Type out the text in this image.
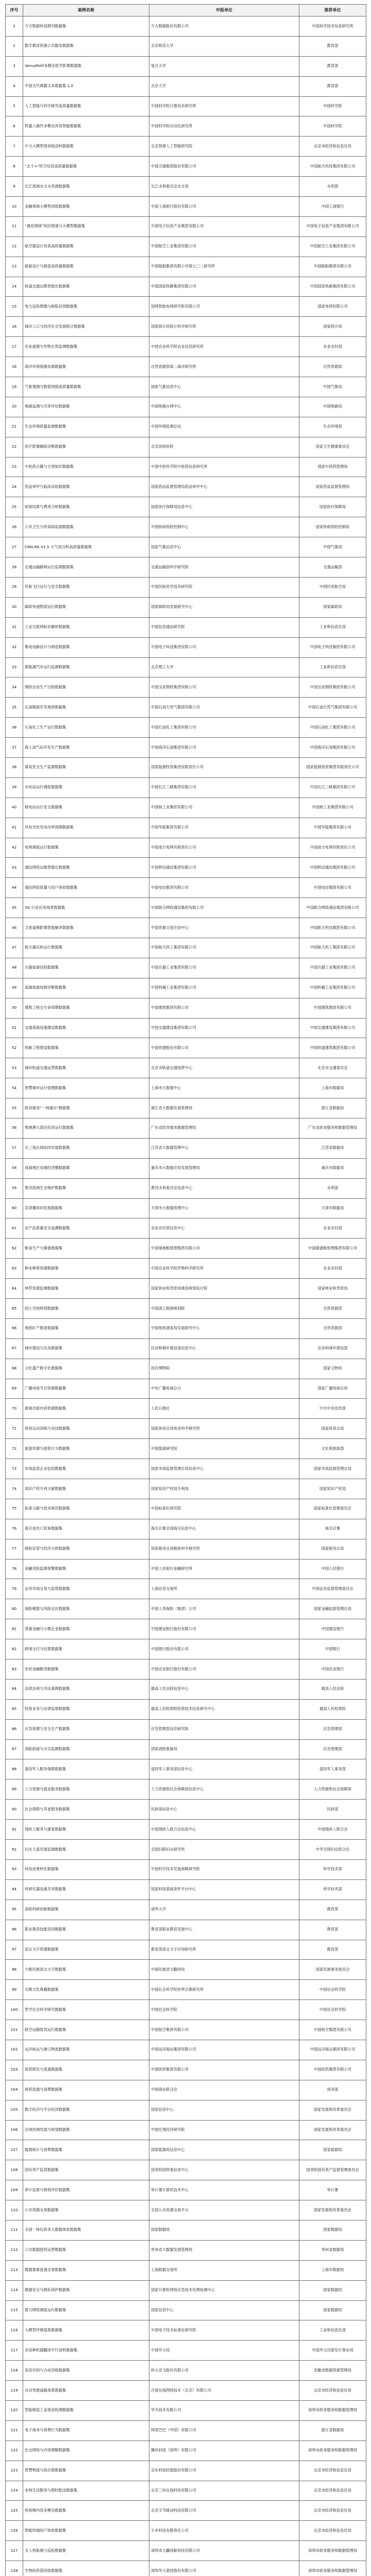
序号	案例名称	申报单位	推荐单位
1	万方数据科技期刊数据集	万方数据股份有限公司	中国科学技术信息研究所
2	数字教育资源公共服务数据集	北京师范大学	教育部
3	VenusPolif多模态医学影像数据集	复旦大学	教育部
4	中国古代典籍文本数据集 1.0	北京大学	教育部
5	人工智能与科学研究高质量数据集	中国科学院计算技术研究所	中国科学院
6	机器人操作多模态具身智能数据集	中国科学院自动化研究所	中国科学院
7	中文大模型预训练语料数据集	北京智源人工智能研究院	北京市经济和信息化局
8	“北斗+”时空信息高质量数据集	中国卫通集团股份有限公司	中国航天科技集团有限公司
9	长江流域水文水资源数据集	长江水利委员会水文局	水利部
10	金融领域大模型训练数据集	中国工商银行股份有限公司	中国工商银行
11	“通用领域”知识图谱与大模型数据集	中国电子信息产业集团有限公司	中国电子信息产业集团有限公司
12	航空器设计仿真高质量数据集	中国航空工业集团有限公司	中国航空工业集团有限公司
13	船舶设计与制造高质量数据集	中国船舶集团有限公司第七〇二研究所	中国船舶集团有限公司
14	轨道交通运维智能化数据集	中国国家铁路集团有限公司	中国国家铁路集团有限公司
15	电力巡检图像与缺陷识别数据集	国网智能电网研究院有限公司	国家电网有限公司
16	城市人口与经济社会发展统计数据集	国家统计局统计科学研究所	国家统计局
17	农业遥感与作物长势监测数据集	中国农业科学院农业信息研究所	农业农村部
18	海洋环境观测多源数据集	自然资源部第二海洋研究所	自然资源部
19	气象观测与数值预报高质量数据集	国家气象信息中心	中国气象局
20	地震监测与灾害评估数据集	中国地震台网中心	中国地震局
21	生态环境质量监测数据集	中国环境监测总站	生态环境部
22	医疗影像辅助诊断数据集	北京协和医院	国家卫生健康委员会
23	中医药古籍与方剂知识数据集	中国中医科学院中医药信息研究所	国家中医药管理局
24	药品审评与临床试验数据集	国家药品监督管理局药品审评中心	国家药品监督管理局
25	医保结算与费用分析数据集	国家医疗保障局信息中心	国家医疗保障局
26	公共卫生与传染病监测数据集	中国疾病预防控制中心	国家疾病预防控制局
27	CMA-RA V1.5 大气再分析高质量数据集	国家气象信息中心	中国气象局
28	交通运输路网运行监测数据集	交通运输部科学研究院	交通运输部
29	民航飞行运行与安全数据集	中国民航科学技术研究院	中国民用航空局
30	邮政快递物流运行数据集	国家邮政局发展研究中心	国家邮政局
31	工业互联网标识解析数据集	中国信息通信研究院	工业和信息化部
32	集成电路设计与制造数据集	中国电子科技集团有限公司	中国电子科技集团有限公司
33	新能源汽车运行监测数据集	北京理工大学	工业和信息化部
34	钢铁冶金生产过程数据集	中国宝武钢铁集团有限公司	中国宝武钢铁集团有限公司
35	石油勘探开发地质数据集	中国石油天然气集团有限公司	中国石油天然气集团有限公司
36	石油化工生产运行数据集	中国石油化工集团有限公司	中国石油化工集团有限公司
37	海上油气田开发生产数据集	中国海洋石油集团有限公司	中国海洋石油集团有限公司
38	煤炭安全生产监测数据集	国家能源投资集团有限责任公司	国家能源投资集团有限责任公司
39	水电站运行调度数据集	中国长江三峡集团有限公司	中国长江三峡集团有限公司
40	核电站运行安全数据集	中国核工业集团有限公司	中国核工业集团有限公司
41	风电光伏发电功率预测数据集	中国华能集团有限公司	中国华能集团有限公司
42	电网调度运行数据集	中国南方电网有限责任公司	中国南方电网有限责任公司
43	通信网络运维智能化数据集	中国移动通信集团有限公司	中国移动通信集团有限公司
44	通信网络质量与用户体验数据集	中国电信集团有限公司	中国电信集团有限公司
45	5G 行业应用场景数据集	中国联合网络通信集团有限公司	中国联合网络通信集团有限公司
46	卫星遥感影像智能解译数据集	中国资源卫星应用中心	中国航天科技集团有限公司
47	航天器在轨运行数据集	中国航天科工集团有限公司	中国航天科工集团有限公司
48	兵器装备试验数据集	中国兵器工业集团有限公司	中国兵器工业集团有限公司
49	高端装备故障诊断数据集	中国机械工业集团有限公司	中国机械工业集团有限公司
50	建筑工程全生命周期数据集	中国建筑集团有限公司	中国建筑集团有限公司
51	交通基础设施建设数据集	中国交通建设集团有限公司	中国交通建设集团有限公司
52	铁路工程建设数据集	中国铁建股份有限公司	中国铁道建筑集团有限公司
53	城市轨道交通运营数据集	北京市轨道交通指挥中心	北京市交通委员会
54	智慧城市运行管理数据集	上海市大数据中心	上海市数据局
55	政务服务“一网通办”数据集	浙江省大数据发展管理局	浙江省数据局
56	粤港澳大湾区经济运行数据集	广东省政务服务数据管理局	广东省政务服务和数据管理局
57	长三角区域协同发展数据集	江苏省大数据管理中心	江苏省数据局
58	成渝地区双城经济圈数据集	重庆市大数据应用发展管理局	重庆市数据局
59	黄河流域生态保护数据集	黄河水利委员会信息中心	水利部
60	京津冀协同发展数据集	天津市大数据管理中心	天津市数据局
61	农产品质量安全追溯数据集	农业农村部信息中心	农业农村部
62	粮食生产与储备数据集	中国储备粮管理集团有限公司	中国储备粮管理集团有限公司
63	种业种质资源数据集	中国农业科学院作物科学研究所	农业农村部
64	林草资源监测数据集	国家林业和草原局调查规划设计院	国家林业和草原局
65	国土空间规划数据集	中国国土勘测规划院	自然资源部
66	地质矿产勘查数据集	中国地质调查局发展研究中心	自然资源部
67	城市建设与住房数据集	住房和城乡建设部信息中心	住房和城乡建设部
68	文化遗产数字化数据集	故宫博物院	国家文物局
69	广播电视节目资源数据集	中央广播电视总台	国家广播电视总局
70	新闻出版内容资源数据集	人民日报社	中共中央宣传部
71	体育运动训练与竞技数据集	国家体育总局体育科学研究所	国家体育总局
72	旅游资源与游客行为数据集	中国旅游研究院	文化和旅游部
73	市场监管企业信用数据集	国家市场监督管理总局信息中心	国家市场监督管理总局
74	知识产权专利文献数据集	国家知识产权局专利局	国家知识产权局
75	标准文献与技术规范数据集	中国标准化研究院	国家标准化管理委员会
76	海关进出口贸易数据集	海关总署全国海关信息中心	海关总署
77	税收征管与经济分析数据集	国家税务总局税收科学研究所	国家税务总局
78	金融风险监测预警数据集	中国人民银行金融研究所	中国人民银行
79	证券市场交易与监管数据集	上海证券交易所	中国证券监督管理委员会
80	保险精算与风险定价数据集	中国人寿保险（集团）公司	国家金融监督管理总局
81	普惠金融与小微企业数据集	中国建设银行股份有限公司	中国建设银行
82	跨境支付与结算数据集	中国银行股份有限公司	中国银行
83	农村金融服务数据集	中国农业银行股份有限公司	中国农业银行
84	法律法规与司法案例数据集	最高人民法院信息中心	最高人民法院
85	检察业务与法律监督数据集	最高人民检察院检察技术信息研究中心	最高人民检察院
86	应急管理与安全生产数据集	应急管理部信息研究院	应急管理部
87	消防救援与火灾监测数据集	国家消防救援局	应急管理部
88	退役军人服务保障数据集	退役军人事务部信息中心	退役军人事务部
89	人力资源与就业服务数据集	人力资源和社会保障部信息中心	人力资源和社会保障部
90	社会保障与养老服务数据集	民政部信息中心	民政部
91	残疾人服务与康复数据集	中国残疾人联合会信息中心	中国残疾人联合会
92	妇女儿童发展监测数据集	全国妇联妇女研究所	中华全国妇女联合会
93	科技成果转化数据集	中国科学技术发展战略研究院	科学技术部
94	科研仪器设施共享数据集	国家科技基础条件平台中心	科学技术部
95	高校科研创新数据集	清华大学	教育部
96	职业教育技能培训数据集	教育部职业教育发展中心	教育部
97	语言文字资源数据集	教育部语言文字应用研究所	教育部
98	少数民族语言文字数据集	中国民族语文翻译局	国家民族事务委员会
99	宗教文化典籍数据集	中国社会科学院世界宗教研究所	中国社会科学院
100	哲学社会科学研究数据集	中国社会科学院	中国社会科学院
101	航空运输客货运行数据集	中国航空集团有限公司	中国航空集团有限公司
102	远洋航运与港口物流数据集	中国远洋海运集团有限公司	中国远洋海运集团有限公司
103	医药研发与流通数据集	中国医药集团有限公司	中国医药集团有限公司
104	商贸流通与消费数据集	中国商业联合会	商务部
105	数字经济与平台经济数据集	国家信息中心	国家发展和改革委员会
106	区域协调发展与规划数据集	中国宏观经济研究院	国家发展和改革委员会
107	能源统计与消费数据集	国家能源局信息中心	国家能源局
108	国有资产监管数据集	国务院国资委信息中心	国务院国有资产监督管理委员会
109	审计监督与绩效评价数据集	审计署计算机技术中心	审计署
110	公共资源交易数据集	全国公共资源交易平台	国家发展和改革委员会
111	全国一体化政务大数据体系数据集	国家数据局	国家数据局
112	公共数据授权运营数据集	贵州省大数据发展管理局	贵州省数据局
113	数据要素流通交易数据集	上海数据交易所	上海市数据局
114	数据安全与隐私保护数据集	国家计算机网络应急技术处理协调中心	国家数据局
115	算力网络调度运行数据集	国家信息中心	国家数据局
116	大模型评测基准数据集	中国电子技术标准化研究院	工业和信息化部
117	多语种机器翻译平行语料数据集	中国外文局	中国外文出版发行事业局
118	语音识别与合成训练数据集	科大讯飞股份有限公司	安徽省数据资源管理局
119	自动驾驶道路场景数据集	百度在线网络技术（北京）有限公司	北京市经济和信息化局
120	智能制造工业视觉检测数据集	华为技术有限公司	深圳市政务服务和数据管理局
121	电子商务与消费行为数据集	阿里巴巴（中国）有限公司	浙江省数据局
122	社交网络与内容理解数据集	腾讯科技（深圳）有限公司	深圳市政务服务和数据管理局
123	智慧物流与供应链数据集	京东科技控股股份有限公司	北京市经济和信息化局
124	本地生活服务与即时配送数据集	北京三快在线科技有限公司	北京市经济和信息化局
125	短视频内容多模态数据集	北京字节跳动科技有限公司	北京市经济和信息化局
126	智能终端用户体验数据集	小米科技有限责任公司	北京市经济和信息化局
127	无人机航测与巡检数据集	深圳市大疆创新科技有限公司	深圳市政务服务和数据管理局
128	生物医药基因组数据集	深圳华大基因股份有限公司	深圳市政务服务和数据管理局
